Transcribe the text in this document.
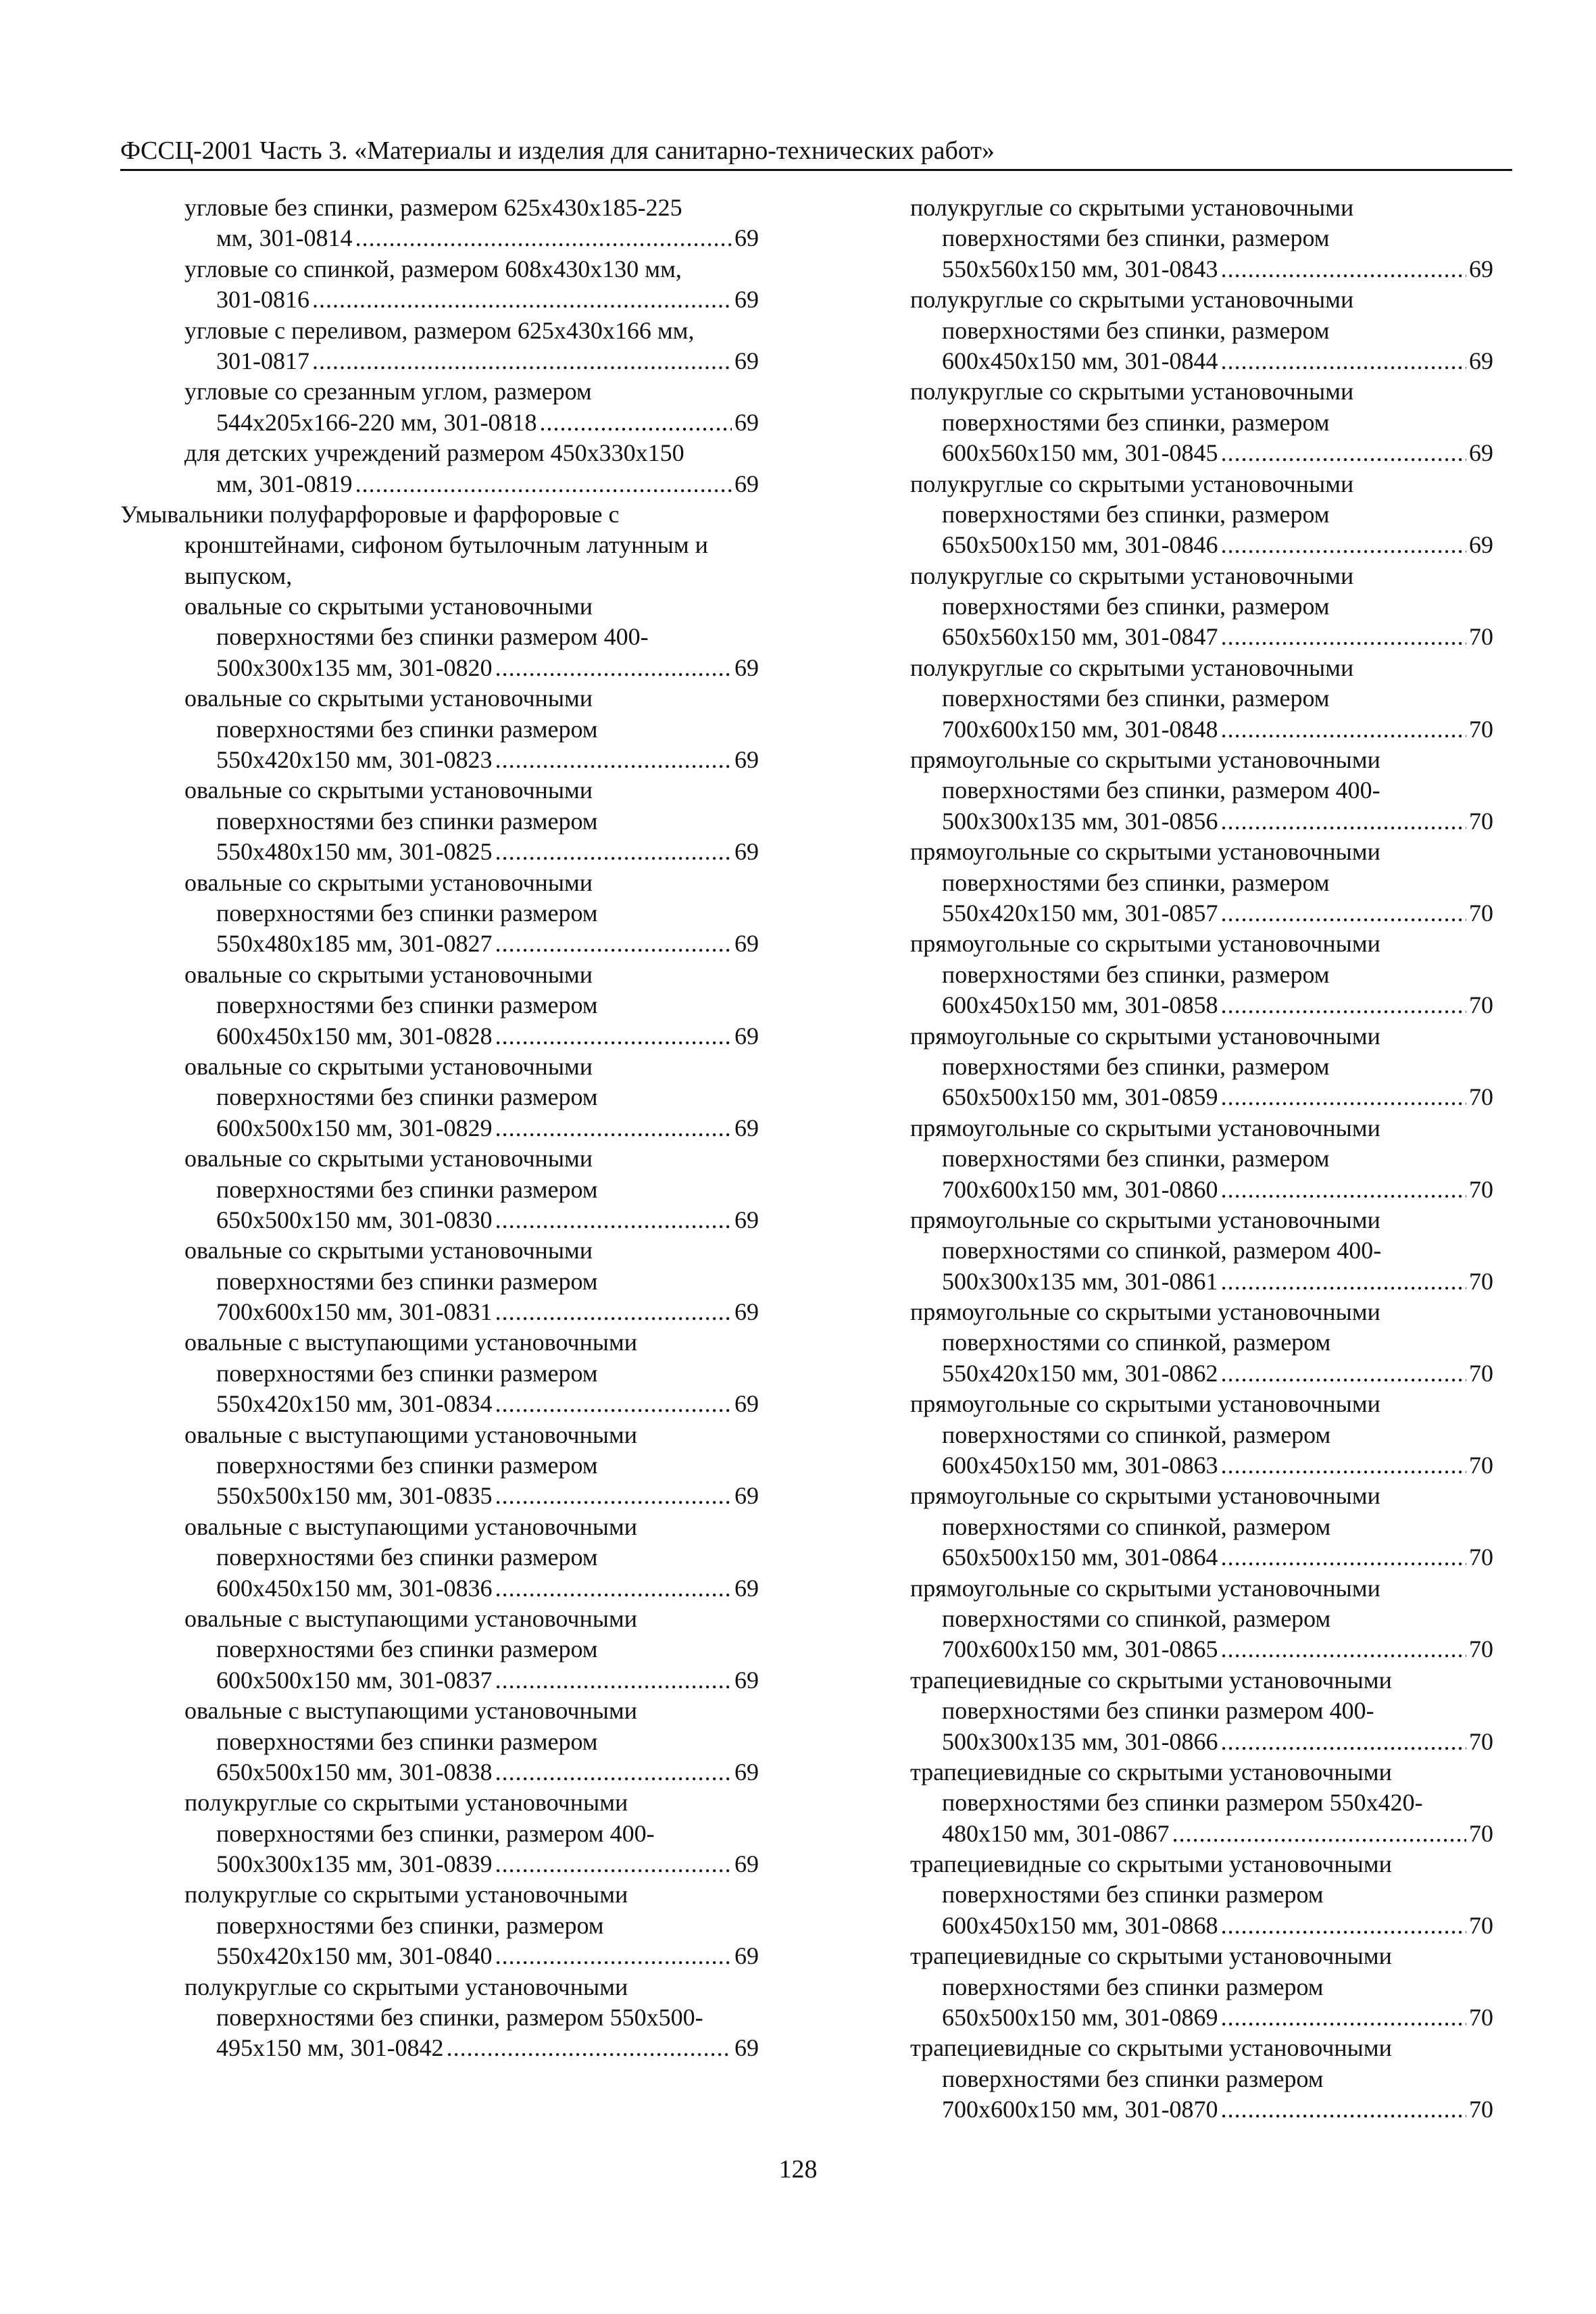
ФССЦ-2001 Часть 3. «Материалы и изделия для санитарно-технических работ»
угловые без спинки, размером 625х430х185-225
мм, 301-0814 .....	69
угловые со спинкой, размером 608х430х130 мм,
301-0816 .....	69
угловые с переливом, размером 625х430х166 мм,
301-0817 .....	69
угловые со срезанным углом, размером
544х205х166-220 мм, 301-0818 .....	69
для детских учреждений размером 450х330х150
мм, 301-0819 .....	69
Умывальники полуфарфоровые и фарфоровые с
кронштейнами, сифоном бутылочным латунным и
выпуском,
овальные со скрытыми установочными
поверхностями без спинки размером 400-
500х300х135 мм, 301-0820 .....	69
овальные со скрытыми установочными
поверхностями без спинки размером
550х420х150 мм, 301-0823 .....	69
овальные со скрытыми установочными
поверхностями без спинки размером
550х480х150 мм, 301-0825 .....	69
овальные со скрытыми установочными
поверхностями без спинки размером
550х480х185 мм, 301-0827 .....	69
овальные со скрытыми установочными
поверхностями без спинки размером
600х450х150 мм, 301-0828 .....	69
овальные со скрытыми установочными
поверхностями без спинки размером
600х500х150 мм, 301-0829 .....	69
овальные со скрытыми установочными
поверхностями без спинки размером
650х500х150 мм, 301-0830 .....	69
овальные со скрытыми установочными
поверхностями без спинки размером
700х600х150 мм, 301-0831 .....	69
овальные с выступающими установочными
поверхностями без спинки размером
550х420х150 мм, 301-0834 .....	69
овальные с выступающими установочными
поверхностями без спинки размером
550х500х150 мм, 301-0835 .....	69
овальные с выступающими установочными
поверхностями без спинки размером
600х450х150 мм, 301-0836 .....	69
овальные с выступающими установочными
поверхностями без спинки размером
600х500х150 мм, 301-0837 .....	69
овальные с выступающими установочными
поверхностями без спинки размером
650х500х150 мм, 301-0838 .....	69
полукруглые со скрытыми установочными
поверхностями без спинки, размером 400-
500х300х135 мм, 301-0839 .....	69
полукруглые со скрытыми установочными
поверхностями без спинки, размером
550х420х150 мм, 301-0840 .....	69
полукруглые со скрытыми установочными
поверхностями без спинки, размером 550х500-
495х150 мм, 301-0842 .....	69
полукруглые со скрытыми установочными
поверхностями без спинки, размером
550х560х150 мм, 301-0843 .....	69
полукруглые со скрытыми установочными
поверхностями без спинки, размером
600х450х150 мм, 301-0844 .....	69
полукруглые со скрытыми установочными
поверхностями без спинки, размером
600х560х150 мм, 301-0845 .....	69
полукруглые со скрытыми установочными
поверхностями без спинки, размером
650х500х150 мм, 301-0846 .....	69
полукруглые со скрытыми установочными
поверхностями без спинки, размером
650х560х150 мм, 301-0847 .....	70
полукруглые со скрытыми установочными
поверхностями без спинки, размером
700х600х150 мм, 301-0848 .....	70
прямоугольные со скрытыми установочными
поверхностями без спинки, размером 400-
500х300х135 мм, 301-0856 .....	70
прямоугольные со скрытыми установочными
поверхностями без спинки, размером
550х420х150 мм, 301-0857 .....	70
прямоугольные со скрытыми установочными
поверхностями без спинки, размером
600х450х150 мм, 301-0858 .....	70
прямоугольные со скрытыми установочными
поверхностями без спинки, размером
650х500х150 мм, 301-0859 .....	70
прямоугольные со скрытыми установочными
поверхностями без спинки, размером
700х600х150 мм, 301-0860 .....	70
прямоугольные со скрытыми установочными
поверхностями со спинкой, размером 400-
500х300х135 мм, 301-0861 .....	70
прямоугольные со скрытыми установочными
поверхностями со спинкой, размером
550х420х150 мм, 301-0862 .....	70
прямоугольные со скрытыми установочными
поверхностями со спинкой, размером
600х450х150 мм, 301-0863 .....	70
прямоугольные со скрытыми установочными
поверхностями со спинкой, размером
650х500х150 мм, 301-0864 .....	70
прямоугольные со скрытыми установочными
поверхностями со спинкой, размером
700х600х150 мм, 301-0865 .....	70
трапециевидные со скрытыми установочными
поверхностями без спинки размером 400-
500х300х135 мм, 301-0866 .....	70
трапециевидные со скрытыми установочными
поверхностями без спинки размером 550х420-
480х150 мм, 301-0867 .....	70
трапециевидные со скрытыми установочными
поверхностями без спинки размером
600х450х150 мм, 301-0868 .....	70
трапециевидные со скрытыми установочными
поверхностями без спинки размером
650х500х150 мм, 301-0869 .....	70
трапециевидные со скрытыми установочными
поверхностями без спинки размером
700х600х150 мм, 301-0870 .....	70
128
